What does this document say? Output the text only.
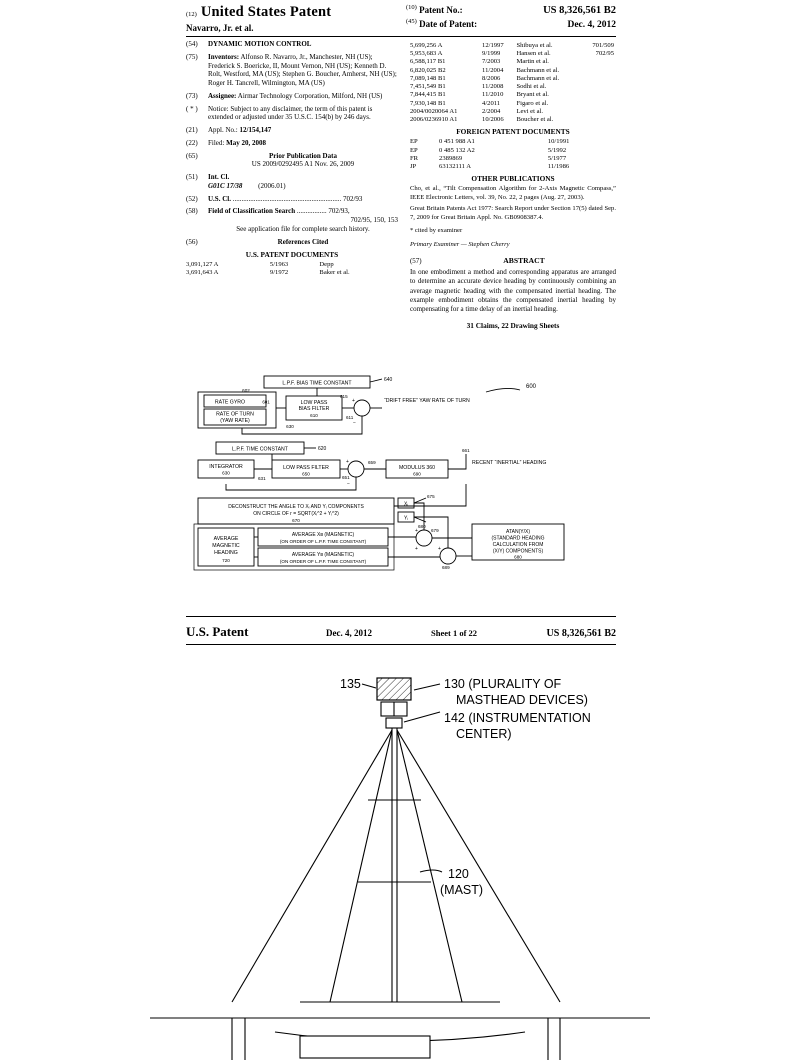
(12) United States Patent
Navarro, Jr. et al.
$^{(10)}$ Patent No.:	US 8,326,561 B2
$^{(45)}$ Date of Patent:	Dec. 4, 2012
(54)	DYNAMIC MOTION CONTROL
(75)	Inventors: Alfonso R. Navarro, Jr., Manchester, NH (US); Frederick S. Boericke, II, Mount Vernon, NH (US); Kenneth D. Rolt, Westford, MA (US); Stephen G. Boucher, Amherst, NH (US); Roger H. Tancrell, Wilmington, MA (US)
(73)	Assignee: Airmar Technology Corporation, Milford, NH (US)
( * )	Notice: Subject to any disclaimer, the term of this patent is extended or adjusted under 35 U.S.C. 154(b) by 246 days.
(21)	Appl. No.: 12/154,147
(22)	Filed: May 20, 2008
(65)	Prior Publication Data
US 2009/0292495 A1 Nov. 26, 2009
(51)	Int. Cl.
G01C 17/38 (2006.01)
(52)	U.S. Cl. .............................................................. 702/93
(58)	Field of Classification Search ................. 702/93,
702/95, 150, 153
See application file for complete search history.
(56)	References Cited
U.S. PATENT DOCUMENTS
3,091,127 A	5/1963	Depp
3,691,643 A	9/1972	Baker et al.
5,699,256 A	12/1997	Shibuya et al.	701/509
5,953,683 A	9/1999	Hansen et al.	702/95
6,588,117 B1	7/2003	Martin et al.	
6,820,025 B2	11/2004	Bachmann et al.	
7,089,148 B1	8/2006	Bachmann et al.	
7,451,549 B1	11/2008	Sodhi et al.	
7,844,415 B1	11/2010	Bryant et al.	
7,930,148 B1	4/2011	Figaro et al.	
2004/0020064 A1	2/2004	Levi et al.	
2006/0236910 A1	10/2006	Boucher et al.	
FOREIGN PATENT DOCUMENTS
EP	0 451 988 A1	10/1991
EP	0 485 132 A2	5/1992
FR	2389869	5/1977
JP	63132111 A	11/1986
OTHER PUBLICATIONS
Cho, et al., “Tilt Compensation Algorithm for 2-Axis Magnetic Compass,” IEEE Electronic Letters, vol. 39, No. 22, 2 pages (Aug. 27, 2003).
Great Britain Patents Act 1977: Search Report under Section 17(5) dated Sep. 7, 2009 for Great Britain Appl. No. GB0908387.4.
* cited by examiner
Primary Examiner — Stephen Cherry
(57)	ABSTRACT
In one embodiment a method and corresponding apparatus are arranged to determine an accurate device heading by continuously combining an average magnetic heading with the compensated inertial heading. The example embodiment obtains the compensated inertial heading by compensating for a time delay of an inertial heading.
31 Claims, 22 Drawing Sheets
L.P.F. BIAS TIME CONSTANT
640
RATE GYRO	601
RATE OF TURN
(YAW RATE)
602
LOW PASS
BIAS FILTER
610
630
+
−
611
615
“DRIFT FREE” YAW RATE OF TURN
600
L.P.F. TIME CONSTANT	620
INTEGRATOR
630
LOW PASS FILTER
650
631
+
−
651
659
MODULUS 360
690
661
RECENT “INERTIAL” HEADING
DECONSTRUCT THE ANGLE TO Xᵢ AND Yᵢ COMPONENTS
ON CIRCLE OF r = SQRT(Xᵢ^2 + Yᵢ^2)
670
Xᵢ
Yᵢ
675
680
AVERAGE
MAGNETIC
HEADING
720
AVERAGE Xʙ (MAGNETIC)
(ON ORDER OF L.P.F. TIME CONSTANT)
AVERAGE Yʙ (MAGNETIC)
(ON ORDER OF L.P.F. TIME CONSTANT)
679
+
+
689
+
ATAN(Y/X)
(STANDARD HEADING
CALCULATION FROM
(X/Y) COMPONENTS)
680
U.S. Patent	Dec. 4, 2012	Sheet 1 of 22	US 8,326,561 B2
135	130 (PLURALITY OF
MASTHEAD DEVICES)
142 (INSTRUMENTATION
CENTER)
120
(MAST)
